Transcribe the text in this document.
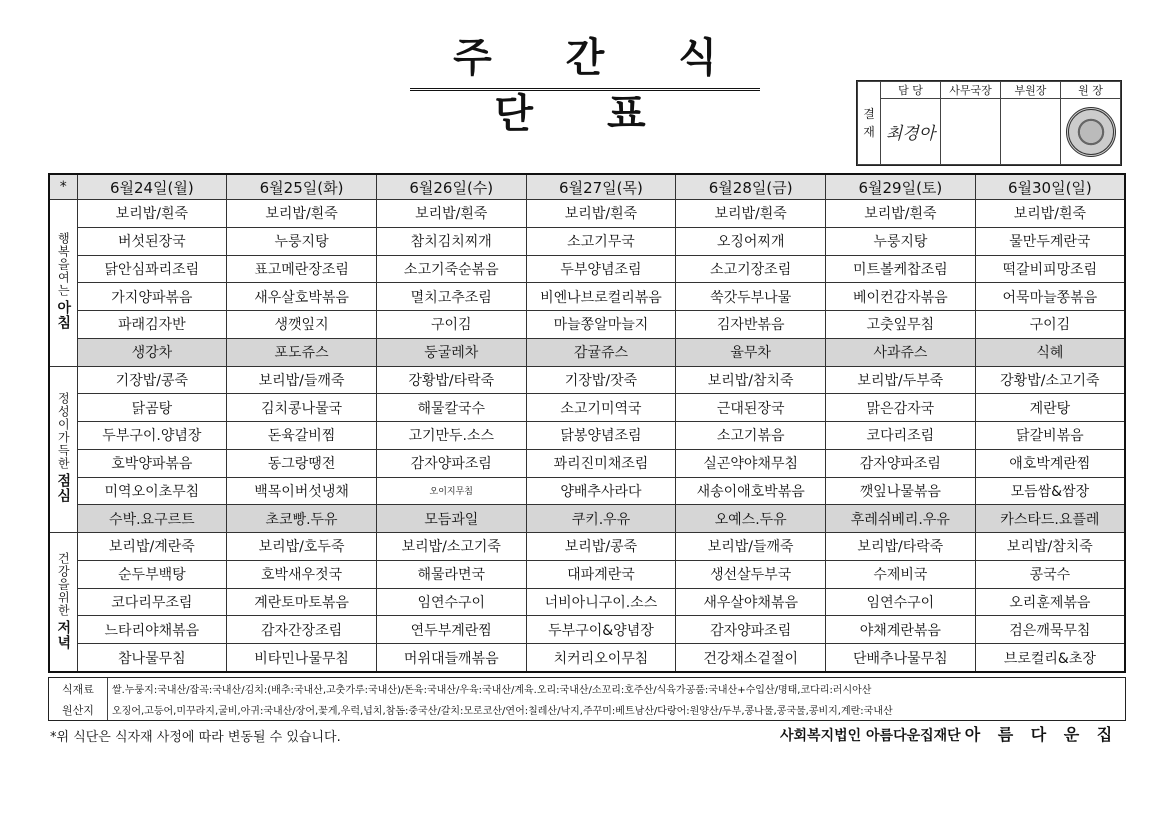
주 간 식 단 표	결재	담 당	사무국장	부원장	원 장
	최경아			
*	6월24일(월)	6월25일(화)	6월26일(수)	6월27일(목)	6월28일(금)	6월29일(토)	6월30일(일)
행복을여는
아침	보리밥/흰죽	보리밥/흰죽	보리밥/흰죽	보리밥/흰죽	보리밥/흰죽	보리밥/흰죽	보리밥/흰죽
	버섯된장국	누룽지탕	참치김치찌개	소고기무국	오징어찌개	누룽지탕	물만두계란국
	닭안심꽈리조림	표고메란장조림	소고기죽순볶음	두부양념조림	소고기장조림	미트볼케찹조림	떡갈비피망조림
	가지양파볶음	새우살호박볶음	멸치고추조림	비엔나브로컬리볶음	쑥갓두부나물	베이컨감자볶음	어묵마늘쫑볶음
	파래김자반	생깻잎지	구이김	마늘쫑알마늘지	김자반볶음	고춧잎무침	구이김
	생강차	포도쥬스	둥굴레차	감귤쥬스	율무차	사과쥬스	식혜
정성이가득한
점심	기장밥/콩죽	보리밥/들깨죽	강황밥/타락죽	기장밥/잣죽	보리밥/참치죽	보리밥/두부죽	강황밥/소고기죽
	닭곰탕	김치콩나물국	해물칼국수	소고기미역국	근대된장국	맑은감자국	계란탕
	두부구이.양념장	돈육갈비찜	고기만두.소스	닭봉양념조림	소고기볶음	코다리조림	닭갈비볶음
	호박양파볶음	동그랑땡전	감자양파조림	꽈리진미채조림	실곤약야채무침	감자양파조림	애호박계란찜
	미역오이초무침	백목이버섯냉채	오이지무침	양배추사라다	새송이애호박볶음	깻잎나물볶음	모듬쌈&쌈장
	수박.요구르트	초코빵.두유	모듬과일	쿠키.우유	오예스.두유	후레쉬베리.우유	카스타드.요플레
건강을위한
저녁	보리밥/계란죽	보리밥/호두죽	보리밥/소고기죽	보리밥/콩죽	보리밥/들깨죽	보리밥/타락죽	보리밥/참치죽
	순두부백탕	호박새우젓국	해물라면국	대파계란국	생선살두부국	수제비국	콩국수
	코다리무조림	계란토마토볶음	임연수구이	너비아니구이.소스	새우살야채볶음	임연수구이	오리훈제볶음
	느타리야채볶음	감자간장조림	연두부계란찜	두부구이&양념장	감자양파조림	야채계란볶음	검은깨묵무침
	참나물무침	비타민나물무침	머위대들깨볶음	치커리오이무침	건강채소겉절이	단배추나물무침	브로컬리&초장
식재료	쌀.누룽지:국내산/잡곡:국내산/김치:(배추:국내산,고춧가루:국내산)/돈육:국내산/우육:국내산/계육.오리:국내산/소꼬리:호주산/식육가공품:국내산+수입산/명태,코다리:러시아산
원산지	오징어,고등어,미꾸라지,굴비,아귀:국내산/장어,꽃게,우럭,넙치,참돔:중국산/갈치:모로코산/연어:칠레산/낙지,주꾸미:베트남산/다랑어:원양산/두부,콩나물,콩국물,콩비지,계란:국내산
*위 식단은 식자재 사정에 따라 변동될 수 있습니다.	사회복지법인 아름다운집재단 아 름 다 운 집
